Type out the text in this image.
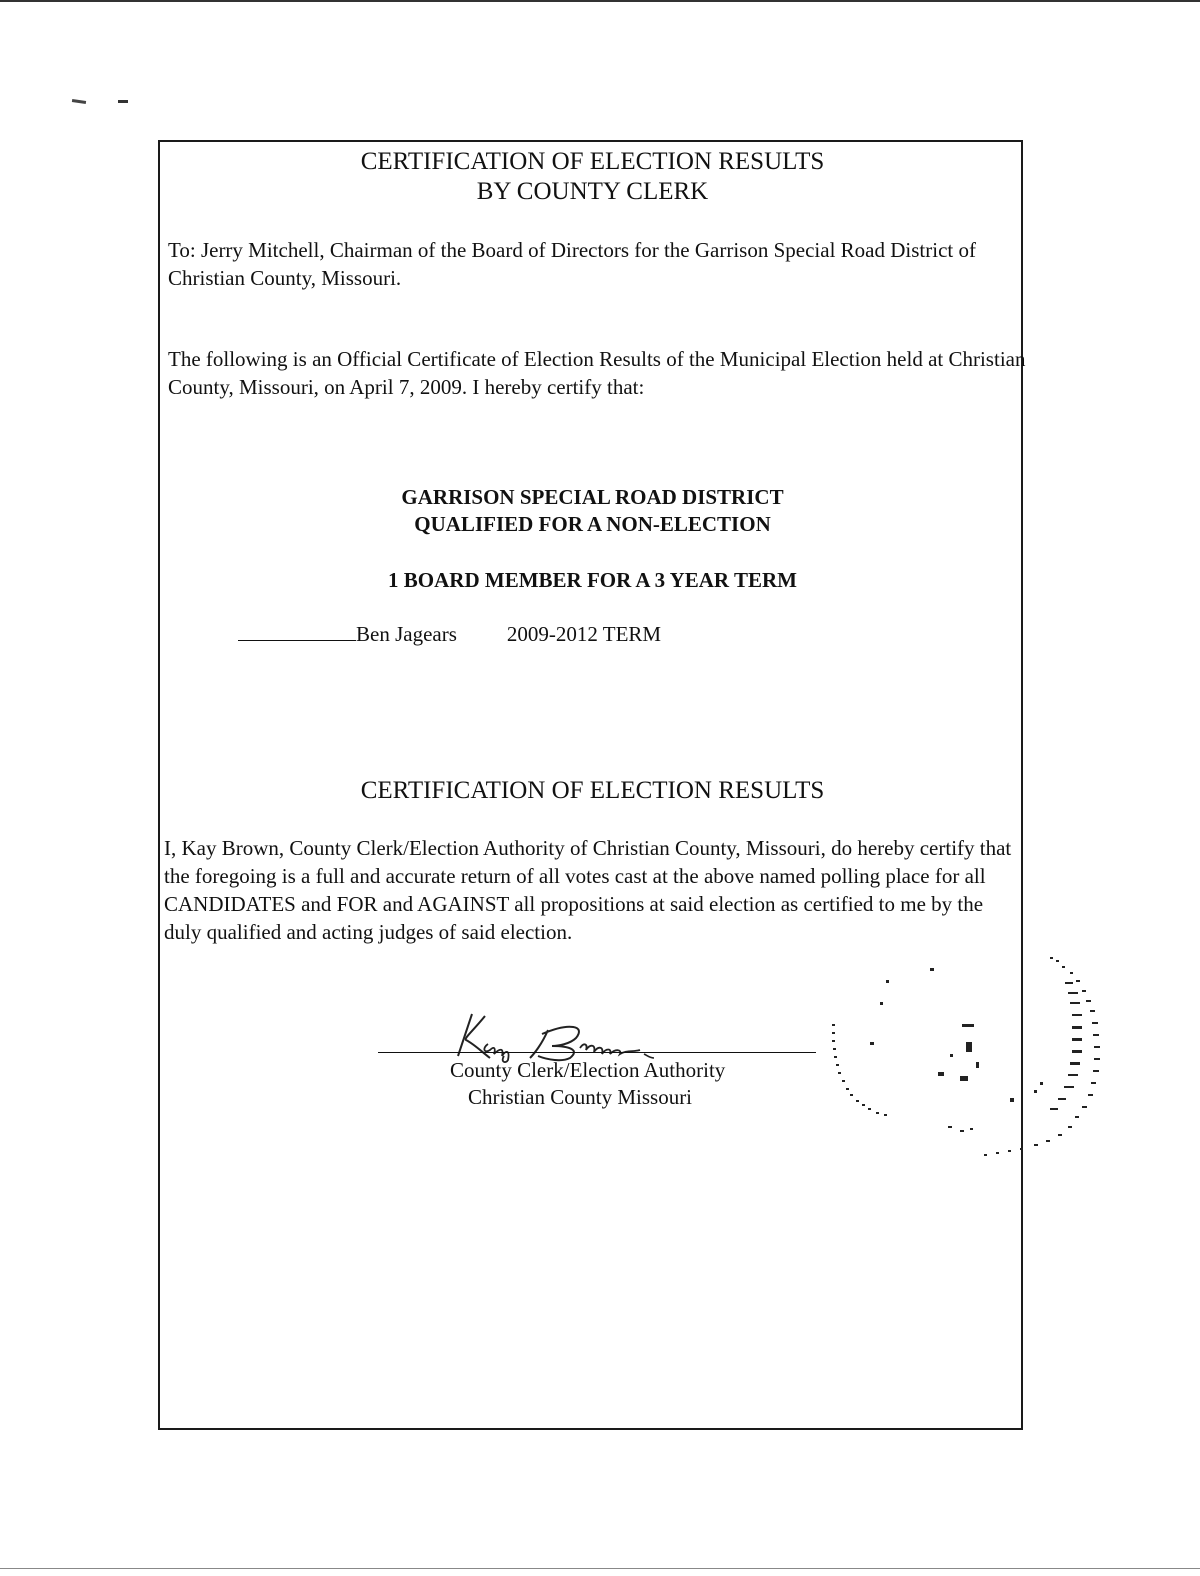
CERTIFICATION OF ELECTION RESULTS
BY COUNTY CLERK
To: Jerry Mitchell, Chairman of the Board of Directors for the Garrison Special Road District of Christian County, Missouri.
The following is an Official Certificate of Election Results of the Municipal Election held at Christian County, Missouri, on April 7, 2009. I hereby certify that:
GARRISON SPECIAL ROAD DISTRICT
QUALIFIED FOR A NON-ELECTION
1 BOARD MEMBER FOR A 3 YEAR TERM
Ben Jagears 2009-2012 TERM
CERTIFICATION OF ELECTION RESULTS
I, Kay Brown, County Clerk/Election Authority of Christian County, Missouri, do hereby certify that the foregoing is a full and accurate return of all votes cast at the above named polling place for all CANDIDATES and FOR and AGAINST all propositions at said election as certified to me by the duly qualified and acting judges of said election.
County Clerk/Election Authority
Christian County Missouri
